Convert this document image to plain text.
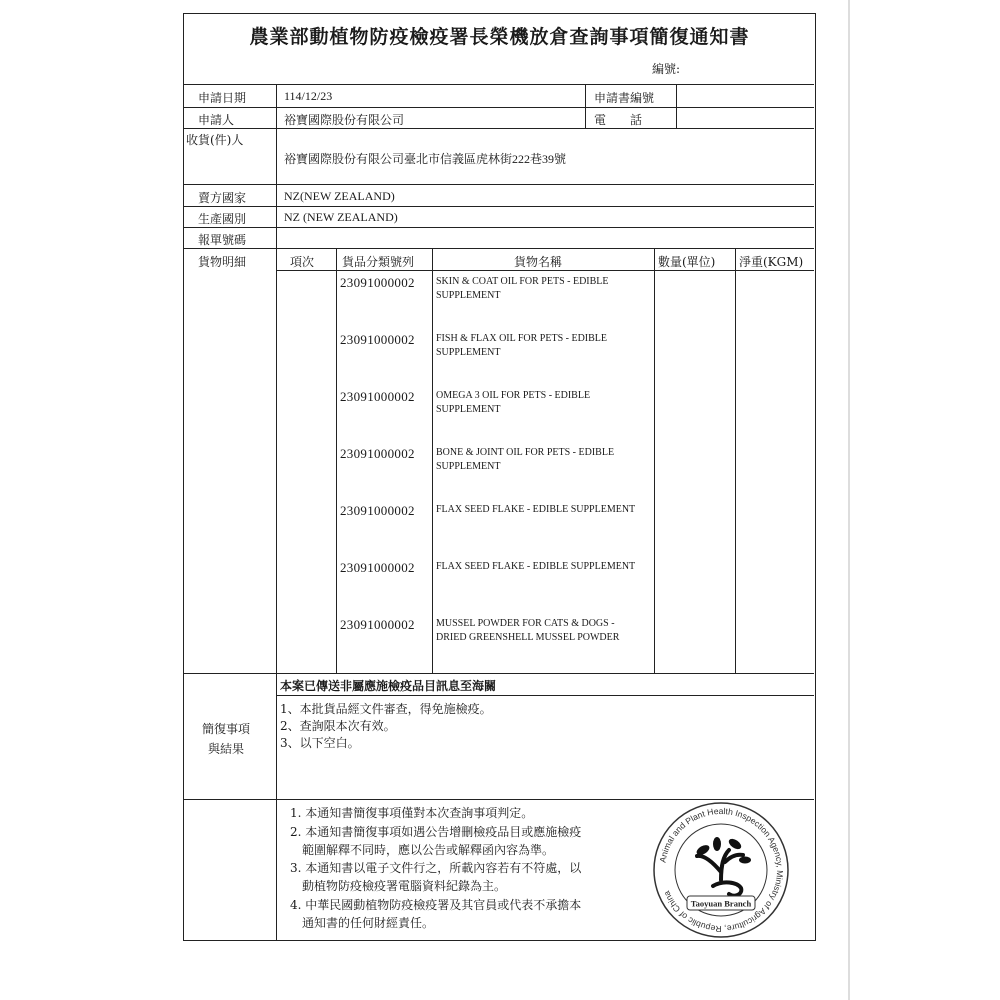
農業部動植物防疫檢疫署長榮機放倉查詢事項簡復通知書
編號:
申請日期	114/12/23	申請書編號
申請人	裕寶國際股份有限公司	電　　話
收貨(件)人
裕寶國際股份有限公司臺北市信義區虎林街222巷39號
賣方國家	NZ(NEW ZEALAND)
生產國別	NZ (NEW ZEALAND)
報單號碼
貨物明細	項次 貨品分類號列	貨物名稱	數量(單位) 淨重(KGM)
23091000002 SKIN & COAT OIL FOR PETS - EDIBLE SUPPLEMENT
23091000002 FISH & FLAX OIL FOR PETS - EDIBLE SUPPLEMENT
23091000002 OMEGA 3 OIL FOR PETS - EDIBLE SUPPLEMENT
23091000002 BONE & JOINT OIL FOR PETS - EDIBLE SUPPLEMENT
23091000002 FLAX SEED FLAKE - EDIBLE SUPPLEMENT
23091000002 FLAX SEED FLAKE - EDIBLE SUPPLEMENT
23091000002 MUSSEL POWDER FOR CATS & DOGS - DRIED GREENSHELL MUSSEL POWDER
本案已傳送非屬應施檢疫品目訊息至海關
簡復事項
與結果
1、本批貨品經文件審查，得免施檢疫。
2、查詢限本次有效。
3、以下空白。
1. 本通知書簡復事項僅對本次查詢事項判定。
2. 本通知書簡復事項如遇公告增刪檢疫品目或應施檢疫
範圍解釋不同時，應以公告或解釋函內容為準。
3. 本通知書以電子文件行之，所載內容若有不符處，以
動植物防疫檢疫署電腦資料紀錄為主。
4. 中華民國動植物防疫檢疫署及其官員或代表不承擔本
通知書的任何財經責任。
Animal and Plant Health Inspection Agency, Ministry of Agriculture, Republic of China
Taoyuan Branch
